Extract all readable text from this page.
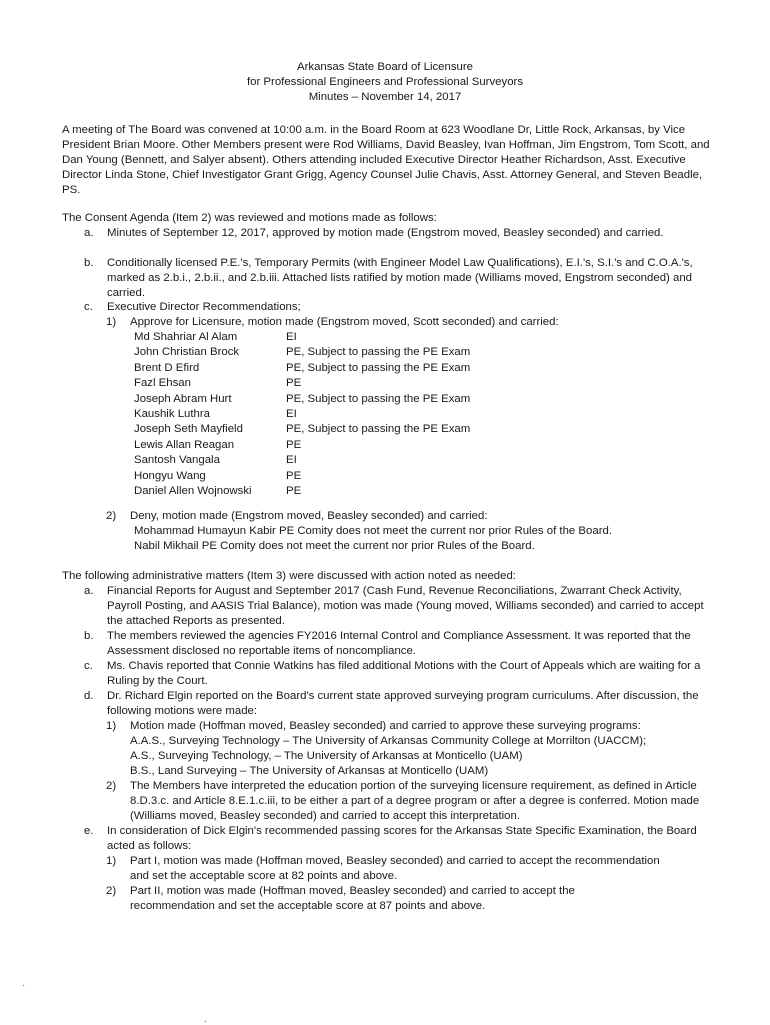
Arkansas State Board of Licensure
for Professional Engineers and Professional Surveyors
Minutes – November 14, 2017
A meeting of The Board was convened at 10:00 a.m. in the Board Room at 623 Woodlane Dr, Little Rock, Arkansas, by Vice President Brian Moore. Other Members present were Rod Williams, David Beasley, Ivan Hoffman, Jim Engstrom, Tom Scott, and Dan Young (Bennett, and Salyer absent). Others attending included Executive Director Heather Richardson, Asst. Executive Director Linda Stone, Chief Investigator Grant Grigg, Agency Counsel Julie Chavis, Asst. Attorney General, and Steven Beadle, PS.
The Consent Agenda (Item 2) was reviewed and motions made as follows:
a.	Minutes of September 12, 2017, approved by motion made (Engstrom moved, Beasley seconded) and carried.
b.	Conditionally licensed P.E.'s, Temporary Permits (with Engineer Model Law Qualifications), E.I.'s, S.I.'s and C.O.A.'s, marked as 2.b.i., 2.b.ii., and 2.b.iii. Attached lists ratified by motion made (Williams moved, Engstrom seconded) and carried.
c.	Executive Director Recommendations;
1)	Approve for Licensure, motion made (Engstrom moved, Scott seconded) and carried:
Md Shahriar Al Alam	EI
John Christian Brock	PE, Subject to passing the PE Exam
Brent D Efird	PE, Subject to passing the PE Exam
Fazl Ehsan	PE
Joseph Abram Hurt	PE, Subject to passing the PE Exam
Kaushik Luthra	EI
Joseph Seth Mayfield	PE, Subject to passing the PE Exam
Lewis Allan Reagan	PE
Santosh Vangala	EI
Hongyu Wang	PE
Daniel Allen Wojnowski	PE
2)	Deny, motion made (Engstrom moved, Beasley seconded) and carried:
Mohammad Humayun Kabir PE Comity does not meet the current nor prior Rules of the Board.
Nabil Mikhail PE Comity does not meet the current nor prior Rules of the Board.
The following administrative matters (Item 3) were discussed with action noted as needed:
a.	Financial Reports for August and September 2017 (Cash Fund, Revenue Reconciliations, Zwarrant Check Activity, Payroll Posting, and AASIS Trial Balance), motion was made (Young moved, Williams seconded) and carried to accept the attached Reports as presented.
b.	The members reviewed the agencies FY2016 Internal Control and Compliance Assessment. It was reported that the Assessment disclosed no reportable items of noncompliance.
c.	Ms. Chavis reported that Connie Watkins has filed additional Motions with the Court of Appeals which are waiting for a Ruling by the Court.
d.	Dr. Richard Elgin reported on the Board's current state approved surveying program curriculums. After discussion, the following motions were made:
1)	Motion made (Hoffman moved, Beasley seconded) and carried to approve these surveying programs:
A.A.S., Surveying Technology – The University of Arkansas Community College at Morrilton (UACCM);
A.S., Surveying Technology, – The University of Arkansas at Monticello (UAM)
B.S., Land Surveying – The University of Arkansas at Monticello (UAM)
2)	The Members have interpreted the education portion of the surveying licensure requirement, as defined in Article 8.D.3.c. and Article 8.E.1.c.iii, to be either a part of a degree program or after a degree is conferred. Motion made (Williams moved, Beasley seconded) and carried to accept this interpretation.
e.	In consideration of Dick Elgin's recommended passing scores for the Arkansas State Specific Examination, the Board acted as follows:
1)	Part I, motion was made (Hoffman moved, Beasley seconded) and carried to accept the recommendation and set the acceptable score at 82 points and above.
2)	Part II, motion was made (Hoffman moved, Beasley seconded) and carried to accept the recommendation and set the acceptable score at 87 points and above.
·
.
